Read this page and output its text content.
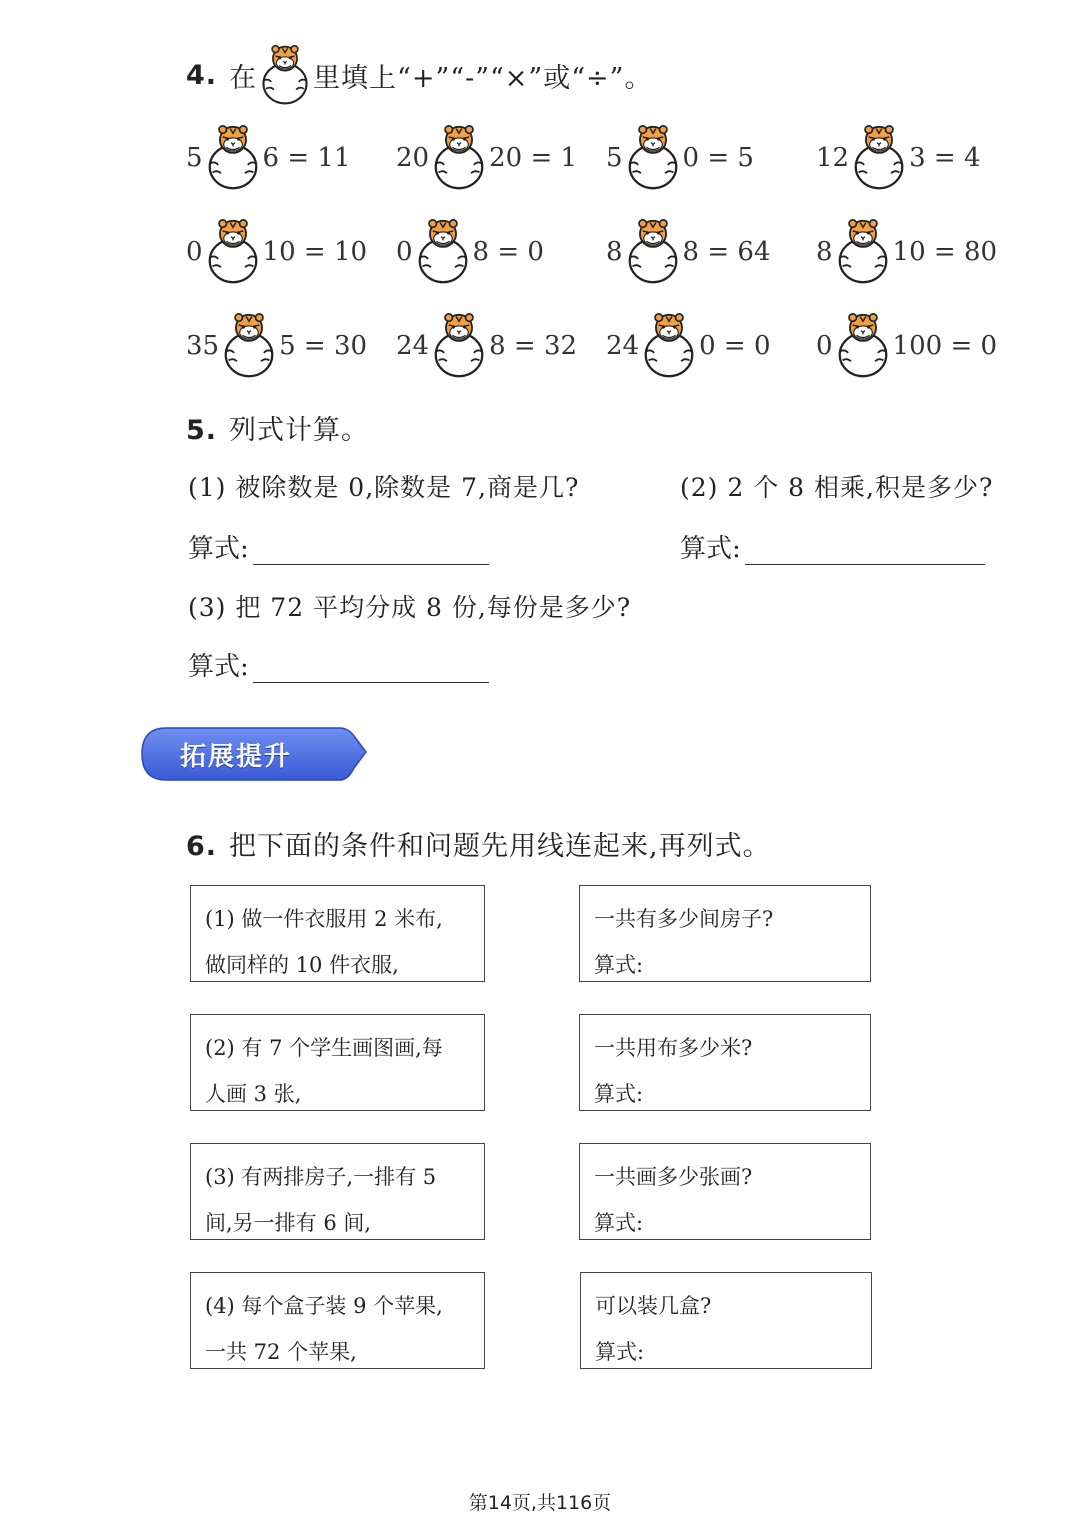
4. 在 里填上“+”“-”“×”或“÷”。
5 6 = 11 20 20 = 1 5 0 = 5 12 3 = 4
0 10 = 10 0 8 = 0 8 8 = 64 8 10 = 80
35 5 = 30 24 8 = 32 24 0 = 0 0 100 = 0
5. 列式计算。
(1) 被除数是 0,除数是 7,商是几?	(2) 2 个 8 相乘,积是多少?
算式:	算式:
(3) 把 72 平均分成 8 份,每份是多少?
算式:
拓展提升
6. 把下面的条件和问题先用线连起来,再列式。
(1) 做一件衣服用 2 米布,
做同样的 10 件衣服,
(2) 有 7 个学生画图画,每
人画 3 张,
(3) 有两排房子,一排有 5
间,另一排有 6 间,
(4) 每个盒子装 9 个苹果,
一共 72 个苹果,
一共有多少间房子?
算式:
一共用布多少米?
算式:
一共画多少张画?
算式:
可以装几盒?
算式:
第14页,共116页
